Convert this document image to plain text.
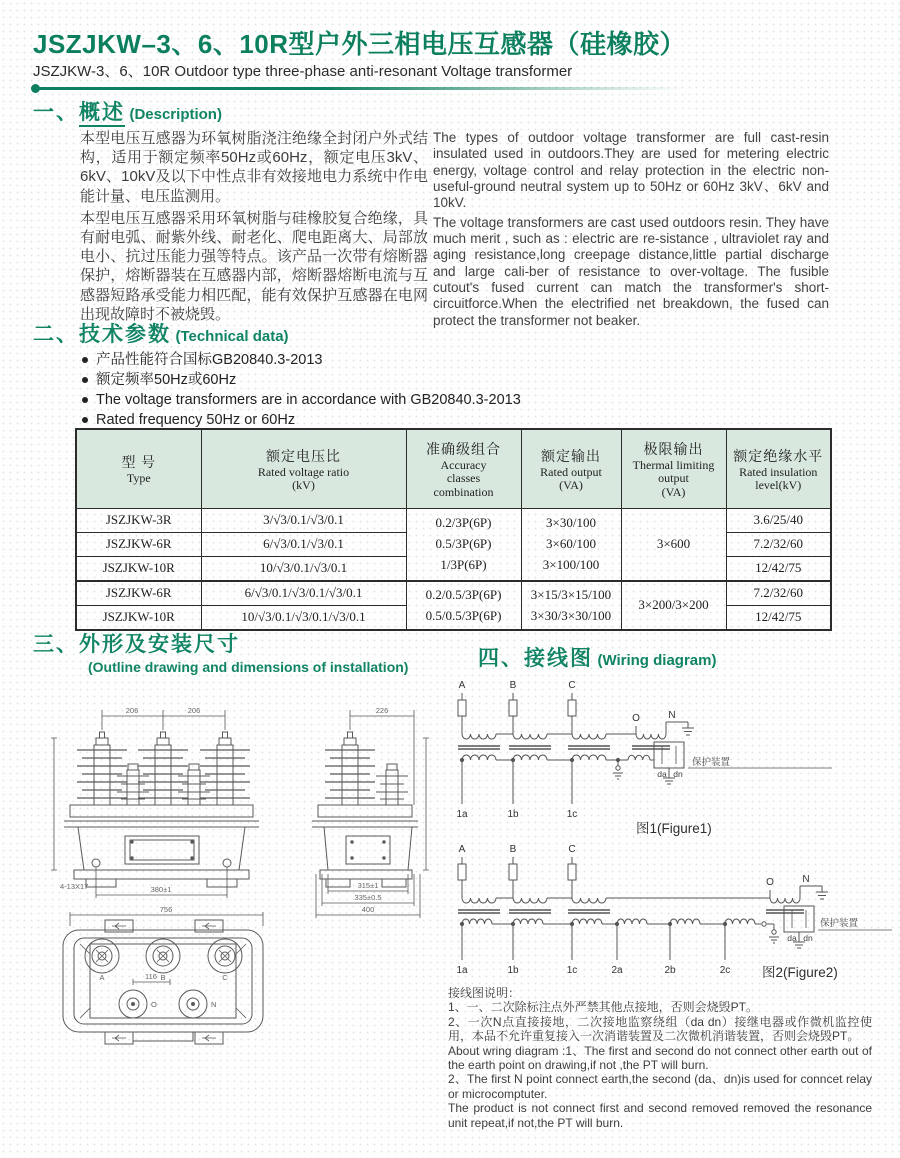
JSZJKW–3、6、10R型户外三相电压互感器（硅橡胶）
JSZJKW-3、6、10R Outdoor type three-phase anti-resonant Voltage transformer
一、概述 (Description)

本型电压互感器为环氧树脂浇注绝缘全封闭户外式结构，适用于额定频率50Hz或60Hz，额定电压3kV、6kV、10kV及以下中性点非有效接地电力系统中作电能计量、电压监测用。

本型电压互感器采用环氧树脂与硅橡胶复合绝缘，具有耐电弧、耐紫外线、耐老化、爬电距离大、局部放电小、抗过压能力强等特点。该产品一次带有熔断器保护，熔断器装在互感器内部，熔断器熔断电流与互感器短路承受能力相匹配，能有效保护互感器在电网出现故障时不被烧毁。

The types of outdoor voltage transformer are full cast-resin insulated used in outdoors.They are used for metering electric energy, voltage control and relay protection in the electric non-useful-ground neutral system up to 50Hz or 60Hz 3kV、6kV and 10kV.

The voltage transformers are cast used outdoors resin. They have much merit , such as : electric are re-sistance , ultraviolet ray and aging resistance,long creepage distance,little partial discharge and large cali-ber of resistance to over-voltage. The fusible cutout's fused current can match the transformer's short-circuitforce.When the electrified net breakdown, the fused can protect the transformer not beaker.

二、技术参数 (Technical data)
产品性能符合国标GB20840.3-2013
额定频率50Hz或60Hz
The voltage transformers are in accordance with GB20840.3-2013
Rated frequency 50Hz or 60Hz
型 号
Type

额定电压比
Rated voltage ratio
(kV)

准确级组合
Accuracy
classes
combination

额定输出
Rated output
(VA)

极限输出
Thermal limiting
output
(VA)

额定绝缘水平
Rated insulation
level(kV)

JSZJKW-3R	3/√3/0.1/√3/0.1	0.2/3P(6P)
0.5/3P(6P)
1/3P(6P)	3×30/100
3×60/100
3×100/100	3×600	3.6/25/40
JSZJKW-6R	6/√3/0.1/√3/0.1				7.2/32/60
JSZJKW-10R	10/√3/0.1/√3/0.1				12/42/75
JSZJKW-6R	6/√3/0.1/√3/0.1/√3/0.1	0.2/0.5/3P(6P)
0.5/0.5/3P(6P)	3×15/3×15/100
3×30/3×30/100	3×200/3×200	7.2/32/60
JSZJKW-10R	10/√3/0.1/√3/0.1/√3/0.1				12/42/75
三、外形及安装尺寸
(Outline drawing and dimensions of installation)	四、接线图 (Wiring diagram)
206	206	226
380±1
4-13X17	315±1
335±0.5
400
756
116
A	B	C
O	N
A	B	C
O	N
1a	1b	1c
da dn
保护装置
图1(Figure1)
A	B	C
O	N
1a	1b	1c	2a	2b	2c
da dn
保护装置
图2(Figure2)

接线图说明：

1、一、二次除标注点外严禁其他点接地，否则会烧毁PT。

2、一次N点直接接地，二次接地监察绕组（da dn）接继电器或作微机监控使用，本品不允许重复接入一次消谐装置及二次微机消谐装置，否则会烧毁PT。

About wring diagram :1、The first and second do not connect other earth out of the earth point on drawing,if not ,the PT will burn.

2、The first N point connect earth,the second (da、dn)is used for conncet relay or microcomptuter.

The product is not connect first and second removed removed the resonance unit repeat,if not,the PT will burn.
